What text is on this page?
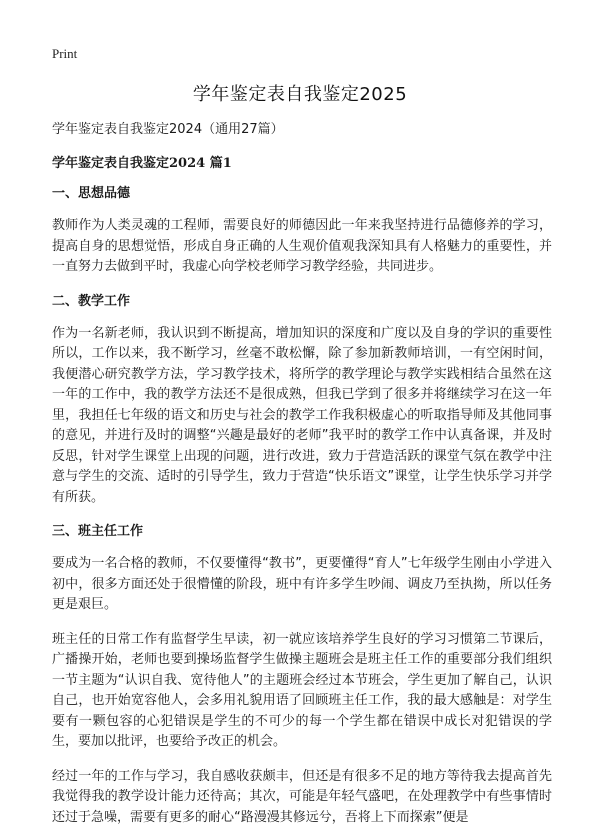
Print
学年鉴定表自我鉴定2025
学年鉴定表自我鉴定2024（通用27篇）
学年鉴定表自我鉴定2024 篇1
一、思想品德

教师作为人类灵魂的工程师，需要良好的师德因此一年来我坚持进行品德修养的学习，提高自身的思想觉悟，形成自身正确的人生观价值观我深知具有人格魅力的重要性，并一直努力去做到平时，我虚心向学校老师学习教学经验，共同进步。

二、教学工作

作为一名新老师，我认识到不断提高，增加知识的深度和广度以及自身的学识的重要性所以，工作以来，我不断学习，丝毫不敢松懈，除了参加新教师培训，一有空闲时间，我便潜心研究教学方法，学习教学技术，将所学的教学理论与教学实践相结合虽然在这一年的工作中，我的教学方法还不是很成熟，但我已学到了很多并将继续学习在这一年里，我担任七年级的语文和历史与社会的教学工作我积极虚心的听取指导师及其他同事的意见，并进行及时的调整“兴趣是最好的老师”我平时的教学工作中认真备课，并及时反思，针对学生课堂上出现的问题，进行改进，致力于营造活跃的课堂气氛在教学中注意与学生的交流、适时的引导学生，致力于营造“快乐语文”课堂，让学生快乐学习并学有所获。

三、班主任工作

要成为一名合格的教师，不仅要懂得“教书”，更要懂得“育人”七年级学生刚由小学进入初中，很多方面还处于很懵懂的阶段，班中有许多学生吵闹、调皮乃至执拗，所以任务更是艰巨。

班主任的日常工作有监督学生早读，初一就应该培养学生良好的学习习惯第二节课后，广播操开始，老师也要到操场监督学生做操主题班会是班主任工作的重要部分我们组织一节主题为“认识自我、宽待他人”的主题班会经过本节班会，学生更加了解自己，认识自己，也开始宽容他人，会多用礼貌用语了回顾班主任工作，我的最大感触是：对学生要有一颗包容的心犯错误是学生的不可少的每一个学生都在错误中成长对犯错误的学生，要加以批评，也要给予改正的机会。

经过一年的工作与学习，我自感收获颇丰，但还是有很多不足的地方等待我去提高首先我觉得我的教学设计能力还待高；其次，可能是年轻气盛吧，在处理教学中有些事情时还过于急噪，需要有更多的耐心“路漫漫其修远兮，吾将上下而探索”便是
